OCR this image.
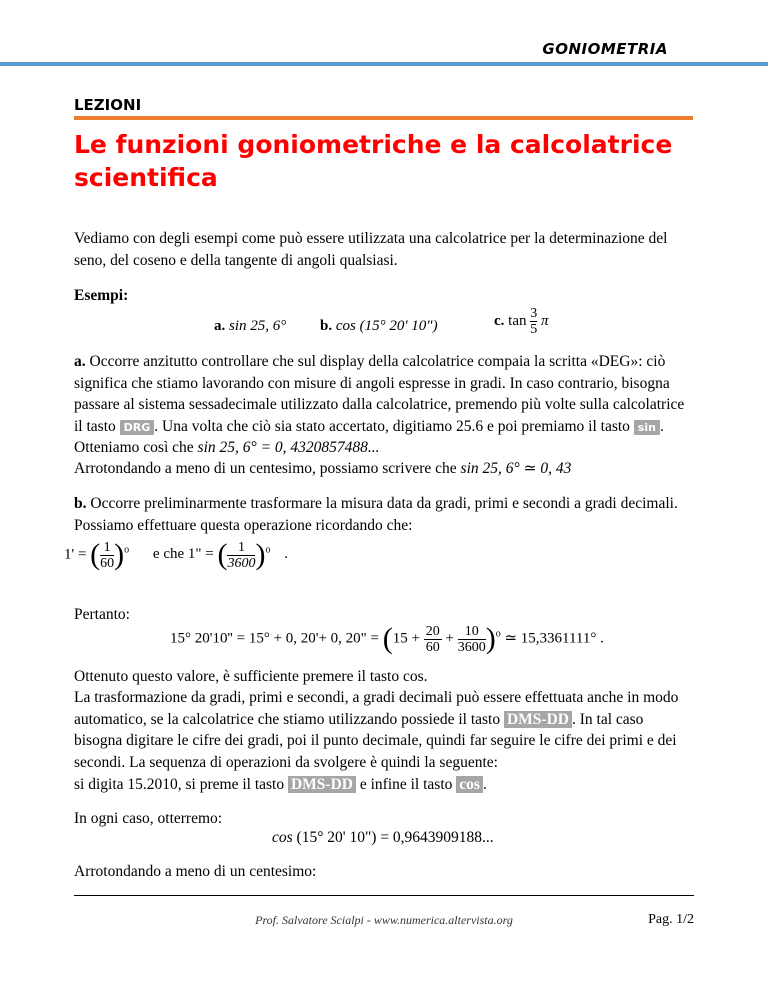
GONIOMETRIA
LEZIONI
Le funzioni goniometriche e la calcolatrice scientifica
Vediamo con degli esempi come può essere utilizzata una calcolatrice per la determinazione del seno, del coseno e della tangente di angoli qualsiasi.
Esempi:
a. sin 25, 6° b. cos (15° 20' 10")	c. $\tan \frac{3}{5}$ π
a. Occorre anzitutto controllare che sul display della calcolatrice compaia la scritta «DEG»: ciò significa che stiamo lavorando con misure di angoli espresse in gradi. In caso contrario, bisogna passare al sistema sessadecimale utilizzato dalla calcolatrice, premendo più volte sulla calcolatrice il tasto DRG . Una volta che ciò sia stato accertato, digitiamo 25.6 e poi premiamo il tasto sin .
Otteniamo così che sin 25, 6° = 0, 4320857488...
Arrotondando a meno di un centesimo, possiamo scrivere che sin 25, 6° ≃ 0, 43
b. Occorre preliminarmente trasformare la misura data da gradi, primi e secondi a gradi decimali. Possiamo effettuare questa operazione ricordando che:
1' = ( $\frac{1}{60} )^o$ e che 1" = ( $\frac{1}{3600} )^o$ .
Pertanto:
15° 20'10'' = 15° + 0, 20'+ 0, 20" = $(15 + \frac{20}{60} + \frac{10}{3600} )^o$ ≃ 15,3361111° .
Ottenuto questo valore, è sufficiente premere il tasto cos.
La trasformazione da gradi, primi e secondi, a gradi decimali può essere effettuata anche in modo automatico, se la calcolatrice che stiamo utilizzando possiede il tasto DMS-DD . In tal caso bisogna digitare le cifre dei gradi, poi il punto decimale, quindi far seguire le cifre dei primi e dei secondi. La sequenza di operazioni da svolgere è quindi la seguente:
si digita 15.2010, si preme il tasto DMS-DD e infine il tasto cos .
In ogni caso, otterremo:
cos (15° 20' 10") = 0,9643909188...
Arrotondando a meno di un centesimo:
Prof. Salvatore Scialpi - www.numerica.altervista.org	Pag. 1/2
